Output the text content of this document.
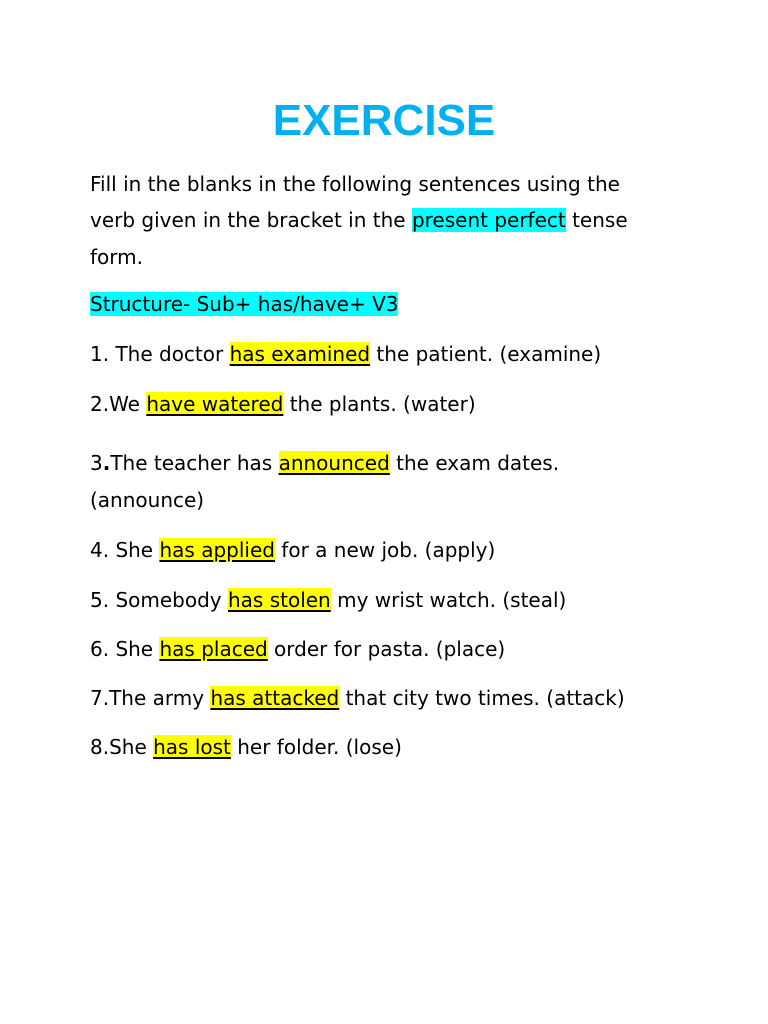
EXERCISE

Fill in the blanks in the following sentences using the

verb given in the bracket in the present perfect tense

form.

Structure- Sub+ has/have+ V3

1. The doctor has examined the patient. (examine)

2.We have watered the plants. (water)

3.The teacher has announced the exam dates.

(announce)

4. She has applied for a new job. (apply)

5. Somebody has stolen my wrist watch. (steal)

6. She has placed order for pasta. (place)

7.The army has attacked that city two times. (attack)

8.She has lost her folder. (lose)
